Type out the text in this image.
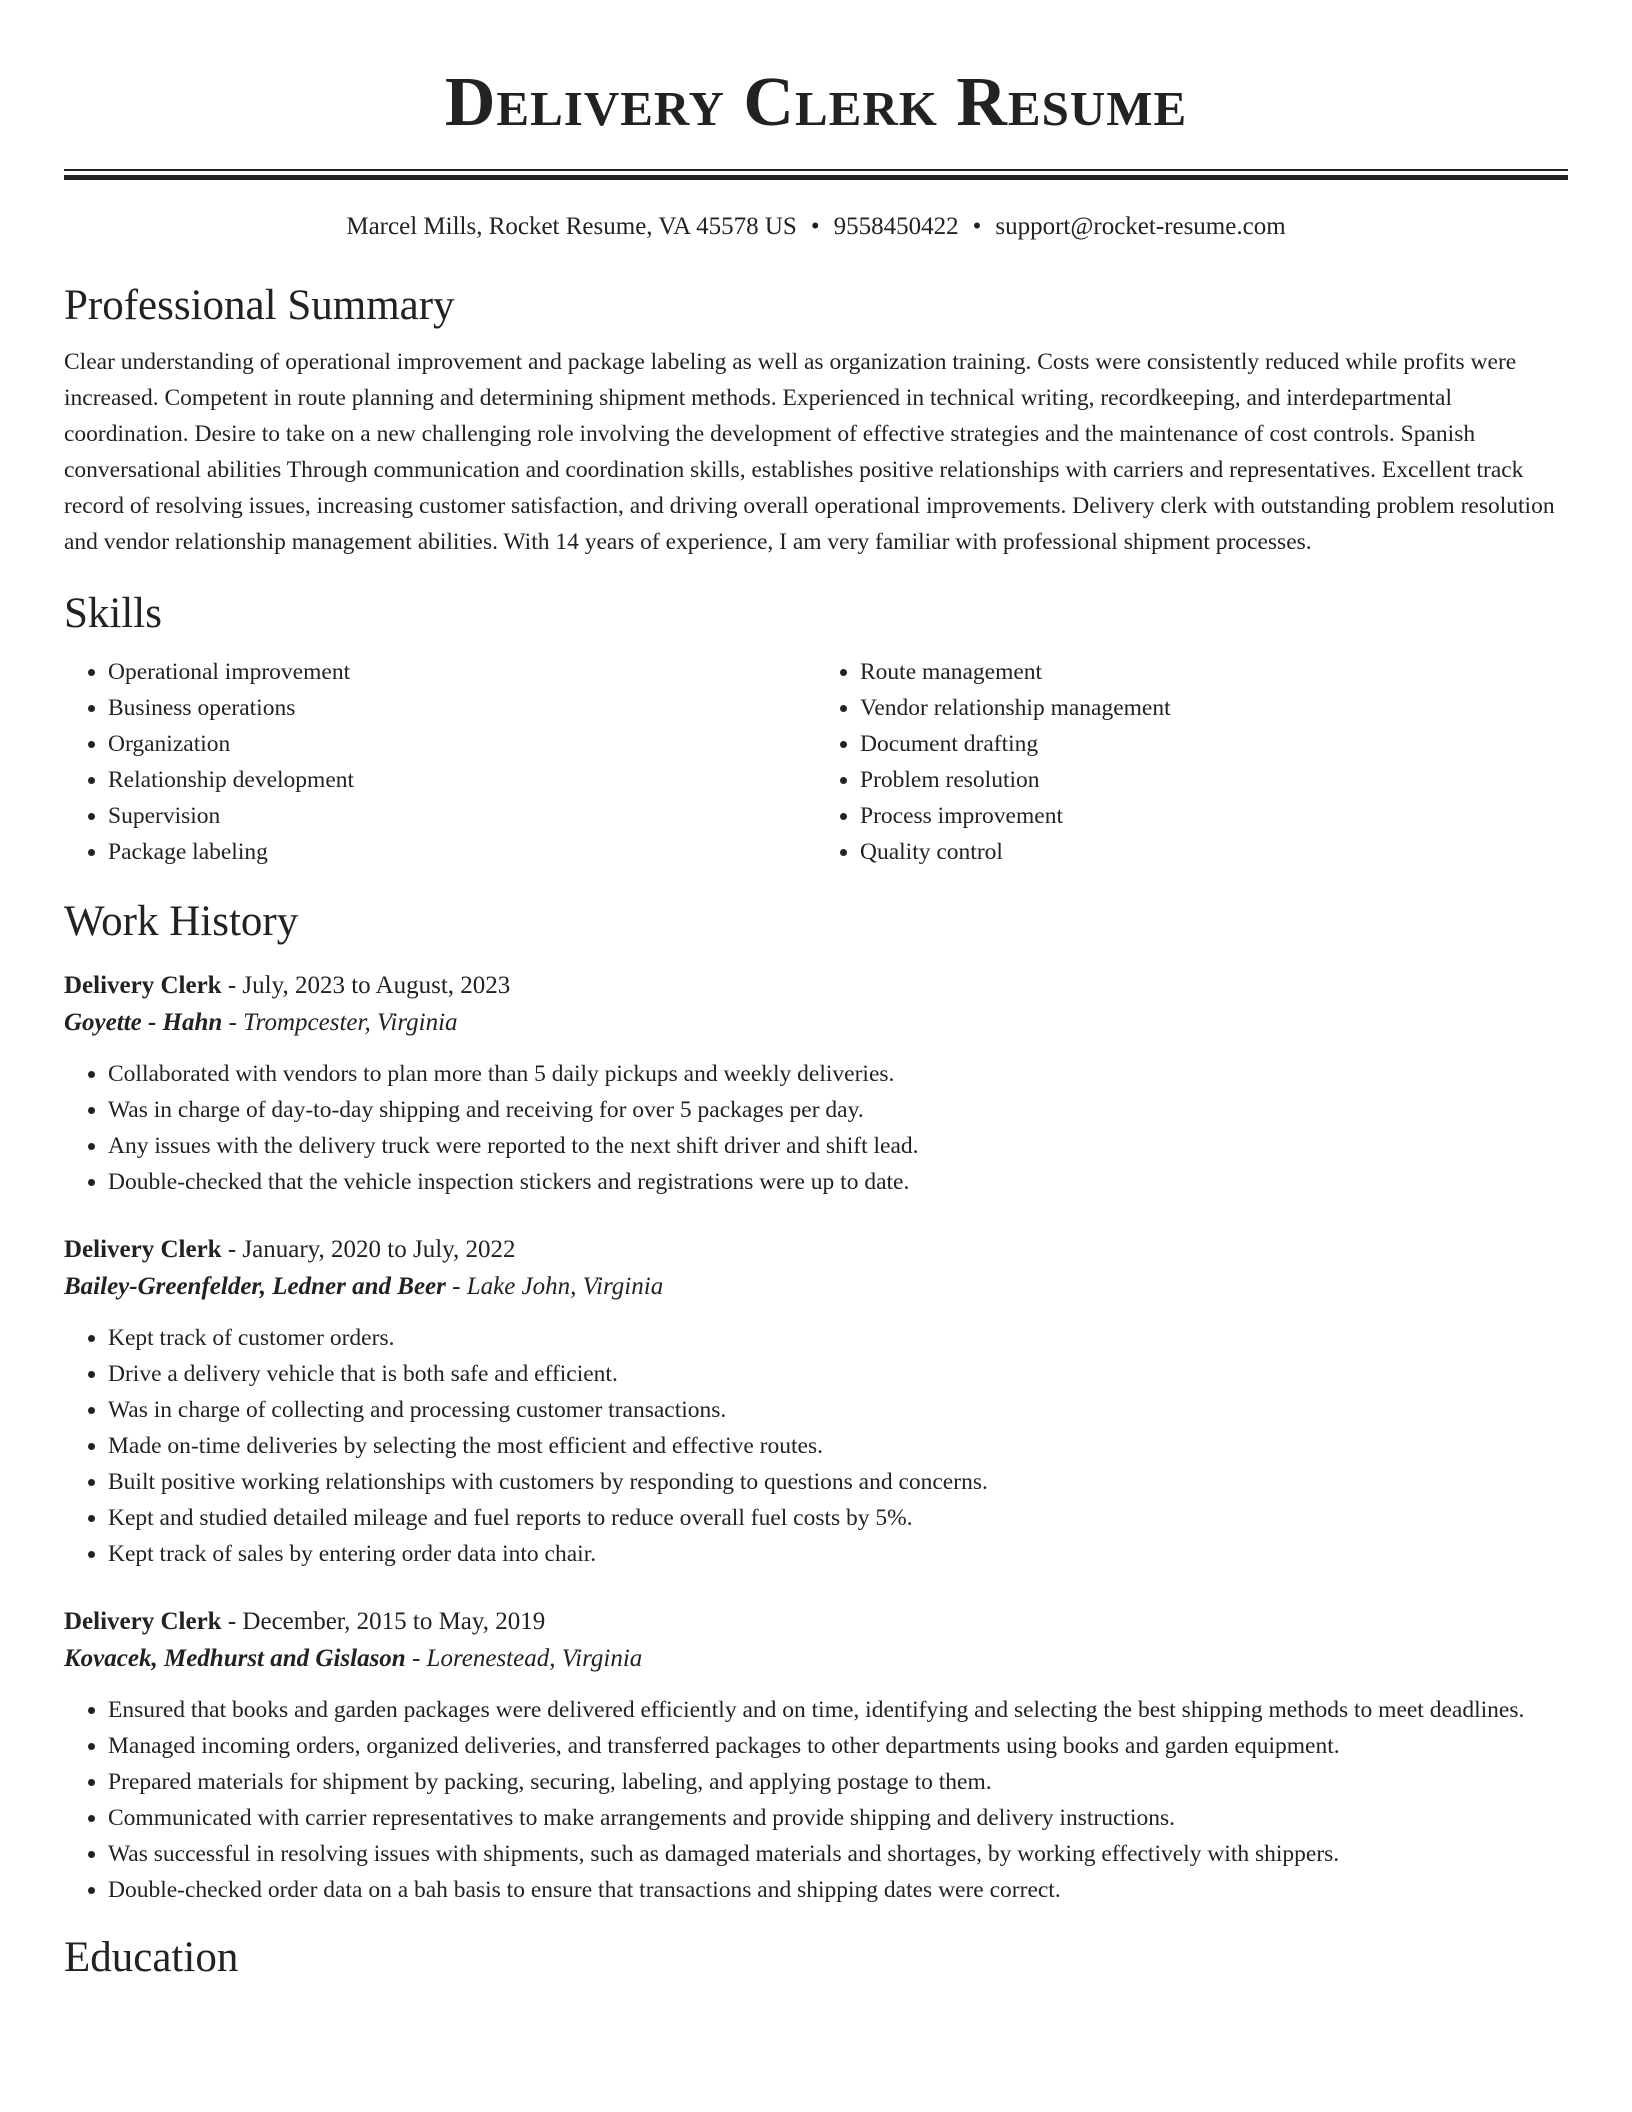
Delivery Clerk Resume
Marcel Mills, Rocket Resume, VA 45578 US • 9558450422 • support@rocket-resume.com
Professional Summary

Clear understanding of operational improvement and package labeling as well as organization training. Costs were consistently reduced while profits were increased. Competent in route planning and determining shipment methods. Experienced in technical writing, recordkeeping, and interdepartmental coordination. Desire to take on a new challenging role involving the development of effective strategies and the maintenance of cost controls. Spanish conversational abilities Through communication and coordination skills, establishes positive relationships with carriers and representatives. Excellent track record of resolving issues, increasing customer satisfaction, and driving overall operational improvements. Delivery clerk with outstanding problem resolution and vendor relationship management abilities. With 14 years of experience, I am very familiar with professional shipment processes.

Skills
• Operational improvement
• Business operations
• Organization
• Relationship development
• Supervision
• Package labeling
• Route management
• Vendor relationship management
• Document drafting
• Problem resolution
• Process improvement
• Quality control
Work History
Delivery Clerk - July, 2023 to August, 2023
Goyette - Hahn - Trompcester, Virginia
• Collaborated with vendors to plan more than 5 daily pickups and weekly deliveries.
• Was in charge of day-to-day shipping and receiving for over 5 packages per day.
• Any issues with the delivery truck were reported to the next shift driver and shift lead.
• Double-checked that the vehicle inspection stickers and registrations were up to date.
Delivery Clerk - January, 2020 to July, 2022
Bailey-Greenfelder, Ledner and Beer - Lake John, Virginia
• Kept track of customer orders.
• Drive a delivery vehicle that is both safe and efficient.
• Was in charge of collecting and processing customer transactions.
• Made on-time deliveries by selecting the most efficient and effective routes.
• Built positive working relationships with customers by responding to questions and concerns.
• Kept and studied detailed mileage and fuel reports to reduce overall fuel costs by 5%.
• Kept track of sales by entering order data into chair.
Delivery Clerk - December, 2015 to May, 2019
Kovacek, Medhurst and Gislason - Lorenestead, Virginia
• Ensured that books and garden packages were delivered efficiently and on time, identifying and selecting the best shipping methods to meet deadlines.
• Managed incoming orders, organized deliveries, and transferred packages to other departments using books and garden equipment.
• Prepared materials for shipment by packing, securing, labeling, and applying postage to them.
• Communicated with carrier representatives to make arrangements and provide shipping and delivery instructions.
• Was successful in resolving issues with shipments, such as damaged materials and shortages, by working effectively with shippers.
• Double-checked order data on a bah basis to ensure that transactions and shipping dates were correct.
Education
